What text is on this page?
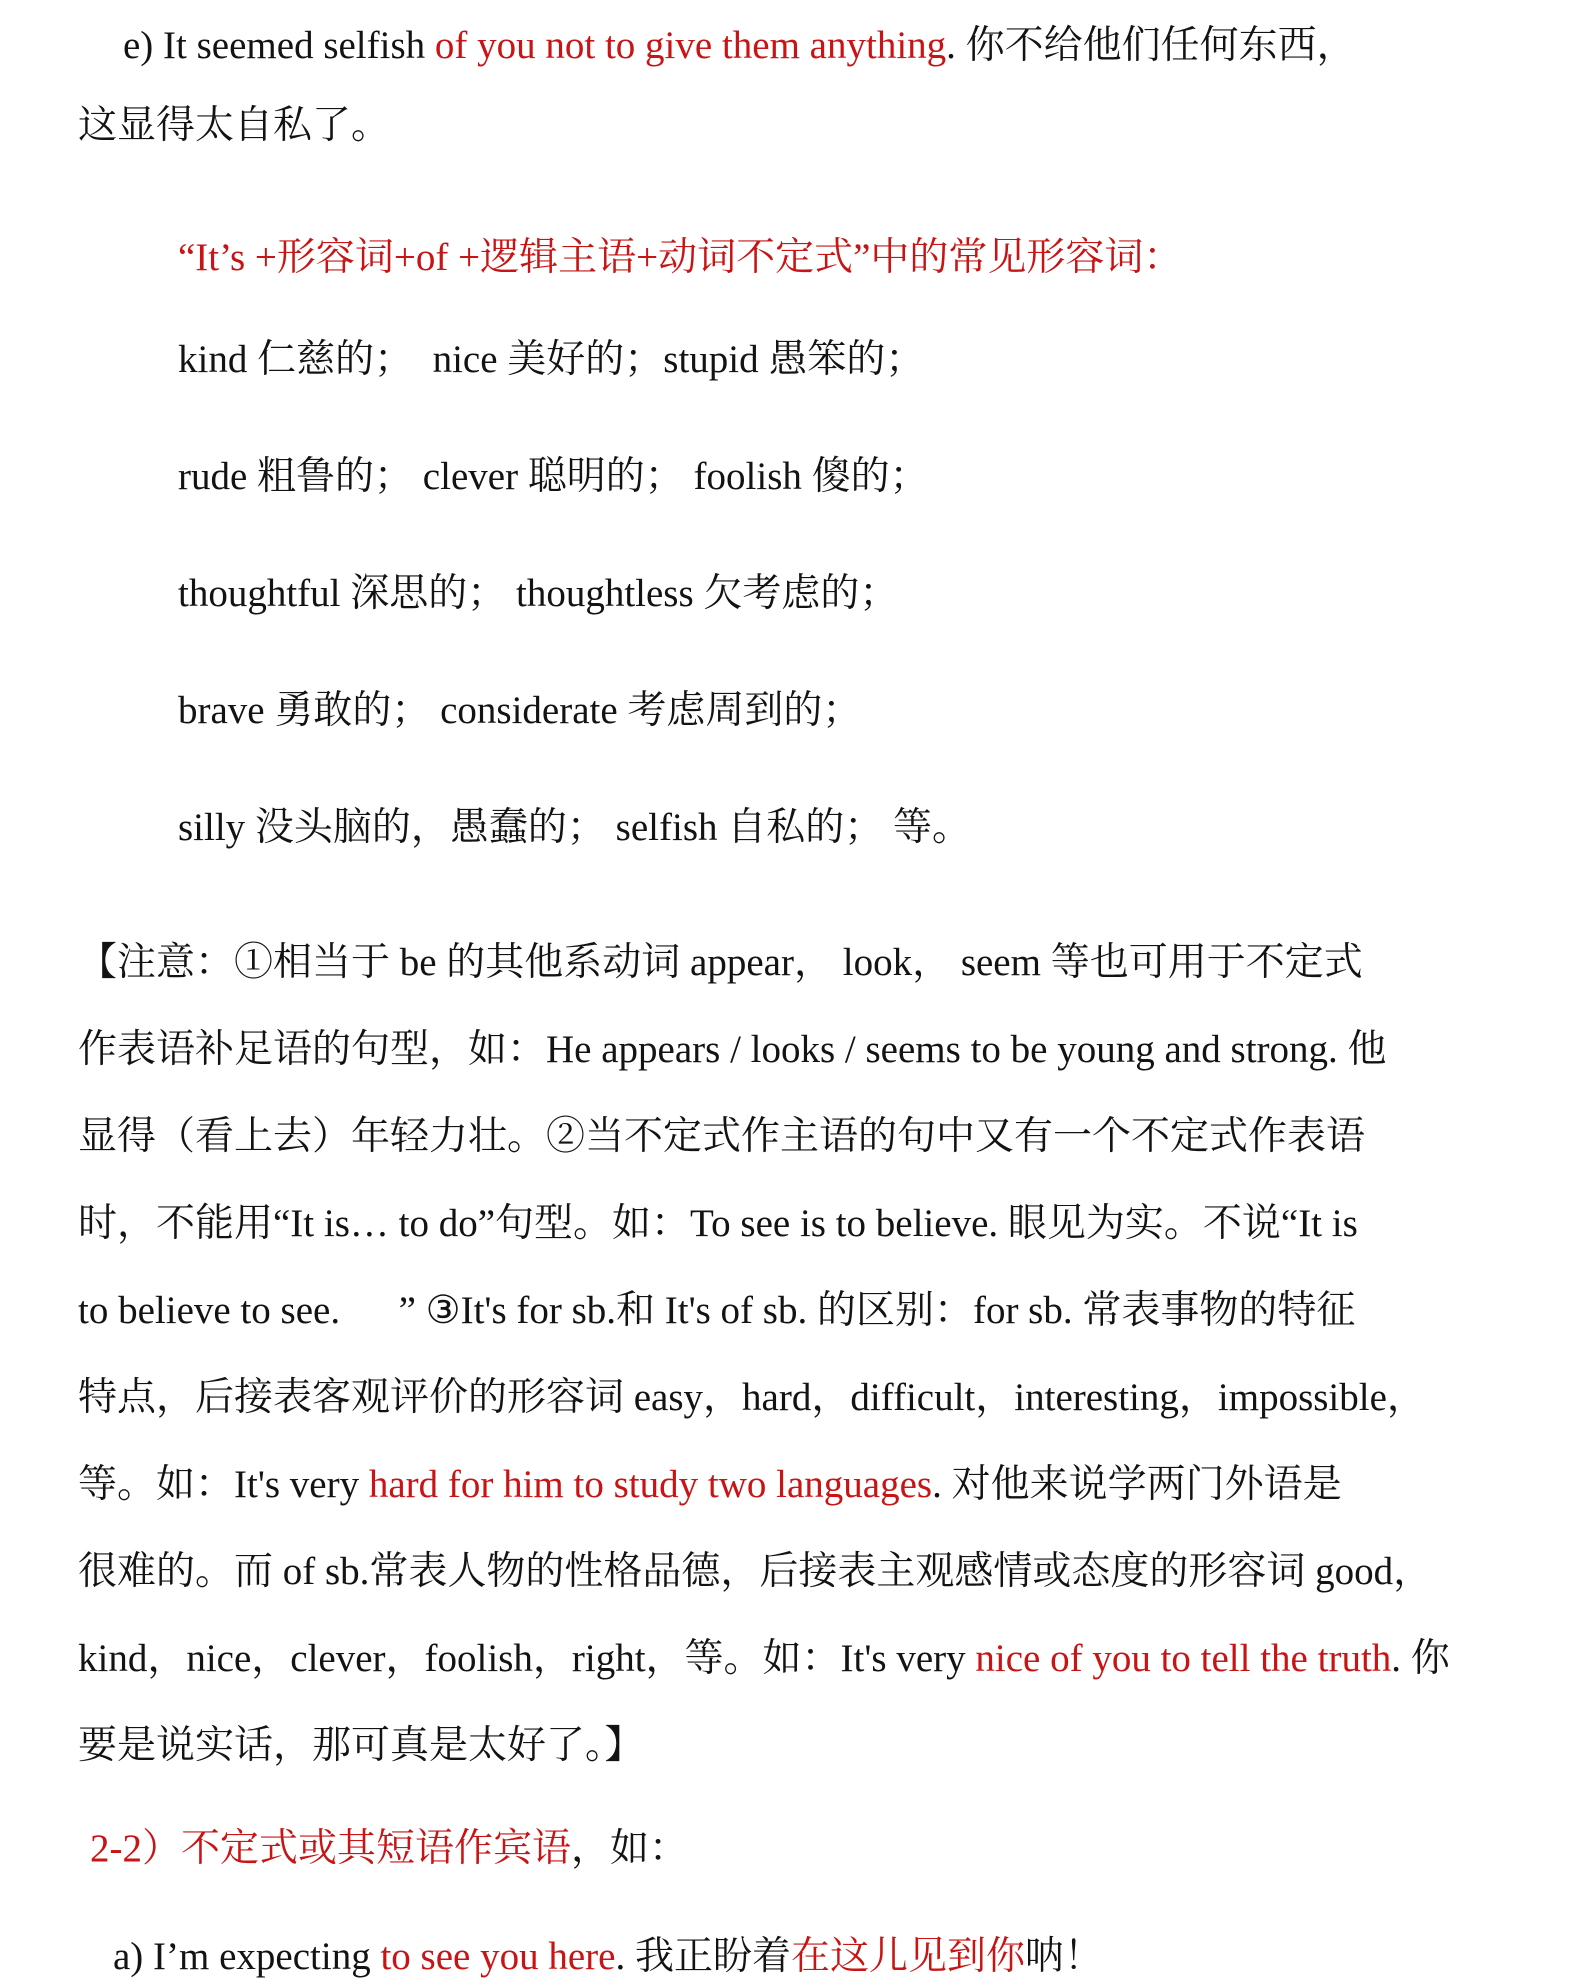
e) It seemed selfish of you not to give them anything. 你不给他们任何东西，
这显得太自私了。
“It’s +形容词+of +逻辑主语+动词不定式”中的常见形容词：
kind 仁慈的；  nice 美好的；stupid 愚笨的；
rude 粗鲁的； clever 聪明的； foolish 傻的；
thoughtful 深思的； thoughtless 欠考虑的；
brave 勇敢的； considerate 考虑周到的；
silly 没头脑的，愚蠢的； selfish 自私的； 等。
【注意：①相当于 be 的其他系动词 appear， look， seem 等也可用于不定式
作表语补足语的句型，如：He appears / looks / seems to be young and strong. 他
显得（看上去）年轻力壮。②当不定式作主语的句中又有一个不定式作表语
时，不能用“It is… to do”句型。如：To see is to believe. 眼见为实。不说“It is
to believe to see.      ” ③It's for sb.和 It's of sb. 的区别：for sb. 常表事物的特征
特点，后接表客观评价的形容词 easy，hard，difficult，interesting，impossible，
等。如：It's very hard for him to study two languages. 对他来说学两门外语是
很难的。而 of sb.常表人物的性格品德，后接表主观感情或态度的形容词 good，
kind，nice，clever，foolish，right，等。如：It's very nice of you to tell the truth. 你
要是说实话，那可真是太好了。】
2-2）不定式或其短语作宾语，如：
a) I’m expecting to see you here. 我正盼着在这儿见到你呐！
